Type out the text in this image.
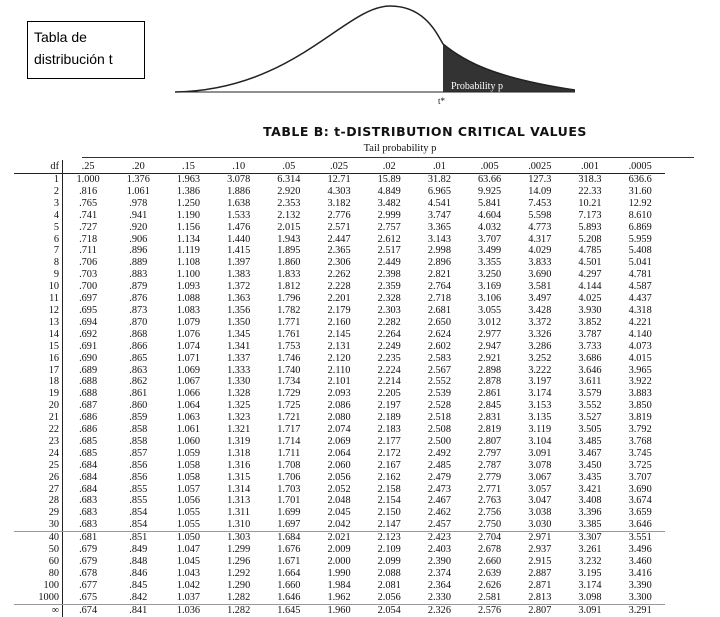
Tabla de
distribución t
Probability p
t*
TABLE B: t-DISTRIBUTION CRITICAL VALUES
Tail probability p
df	.25	.20	.15	.10	.05	.025	.02	.01	.005	.0025	.001	.0005
1	1.000	1.376	1.963	3.078	6.314	12.71	15.89	31.82	63.66	127.3	318.3	636.6
2	.816	1.061	1.386	1.886	2.920	4.303	4.849	6.965	9.925	14.09	22.33	31.60
3	.765	.978	1.250	1.638	2.353	3.182	3.482	4.541	5.841	7.453	10.21	12.92
4	.741	.941	1.190	1.533	2.132	2.776	2.999	3.747	4.604	5.598	7.173	8.610
5	.727	.920	1.156	1.476	2.015	2.571	2.757	3.365	4.032	4.773	5.893	6.869
6	.718	.906	1.134	1.440	1.943	2.447	2.612	3.143	3.707	4.317	5.208	5.959
7	.711	.896	1.119	1.415	1.895	2.365	2.517	2.998	3.499	4.029	4.785	5.408
8	.706	.889	1.108	1.397	1.860	2.306	2.449	2.896	3.355	3.833	4.501	5.041
9	.703	.883	1.100	1.383	1.833	2.262	2.398	2.821	3.250	3.690	4.297	4.781
10	.700	.879	1.093	1.372	1.812	2.228	2.359	2.764	3.169	3.581	4.144	4.587
11	.697	.876	1.088	1.363	1.796	2.201	2.328	2.718	3.106	3.497	4.025	4.437
12	.695	.873	1.083	1.356	1.782	2.179	2.303	2.681	3.055	3.428	3.930	4.318
13	.694	.870	1.079	1.350	1.771	2.160	2.282	2.650	3.012	3.372	3.852	4.221
14	.692	.868	1.076	1.345	1.761	2.145	2.264	2.624	2.977	3.326	3.787	4.140
15	.691	.866	1.074	1.341	1.753	2.131	2.249	2.602	2.947	3.286	3.733	4.073
16	.690	.865	1.071	1.337	1.746	2.120	2.235	2.583	2.921	3.252	3.686	4.015
17	.689	.863	1.069	1.333	1.740	2.110	2.224	2.567	2.898	3.222	3.646	3.965
18	.688	.862	1.067	1.330	1.734	2.101	2.214	2.552	2.878	3.197	3.611	3.922
19	.688	.861	1.066	1.328	1.729	2.093	2.205	2.539	2.861	3.174	3.579	3.883
20	.687	.860	1.064	1.325	1.725	2.086	2.197	2.528	2.845	3.153	3.552	3.850
21	.686	.859	1.063	1.323	1.721	2.080	2.189	2.518	2.831	3.135	3.527	3.819
22	.686	.858	1.061	1.321	1.717	2.074	2.183	2.508	2.819	3.119	3.505	3.792
23	.685	.858	1.060	1.319	1.714	2.069	2.177	2.500	2.807	3.104	3.485	3.768
24	.685	.857	1.059	1.318	1.711	2.064	2.172	2.492	2.797	3.091	3.467	3.745
25	.684	.856	1.058	1.316	1.708	2.060	2.167	2.485	2.787	3.078	3.450	3.725
26	.684	.856	1.058	1.315	1.706	2.056	2.162	2.479	2.779	3.067	3.435	3.707
27	.684	.855	1.057	1.314	1.703	2.052	2.158	2.473	2.771	3.057	3.421	3.690
28	.683	.855	1.056	1.313	1.701	2.048	2.154	2.467	2.763	3.047	3.408	3.674
29	.683	.854	1.055	1.311	1.699	2.045	2.150	2.462	2.756	3.038	3.396	3.659
30	.683	.854	1.055	1.310	1.697	2.042	2.147	2.457	2.750	3.030	3.385	3.646
40	.681	.851	1.050	1.303	1.684	2.021	2.123	2.423	2.704	2.971	3.307	3.551
50	.679	.849	1.047	1.299	1.676	2.009	2.109	2.403	2.678	2.937	3.261	3.496
60	.679	.848	1.045	1.296	1.671	2.000	2.099	2.390	2.660	2.915	3.232	3.460
80	.678	.846	1.043	1.292	1.664	1.990	2.088	2.374	2.639	2.887	3.195	3.416
100	.677	.845	1.042	1.290	1.660	1.984	2.081	2.364	2.626	2.871	3.174	3.390
1000	.675	.842	1.037	1.282	1.646	1.962	2.056	2.330	2.581	2.813	3.098	3.300
∞	.674	.841	1.036	1.282	1.645	1.960	2.054	2.326	2.576	2.807	3.091	3.291
